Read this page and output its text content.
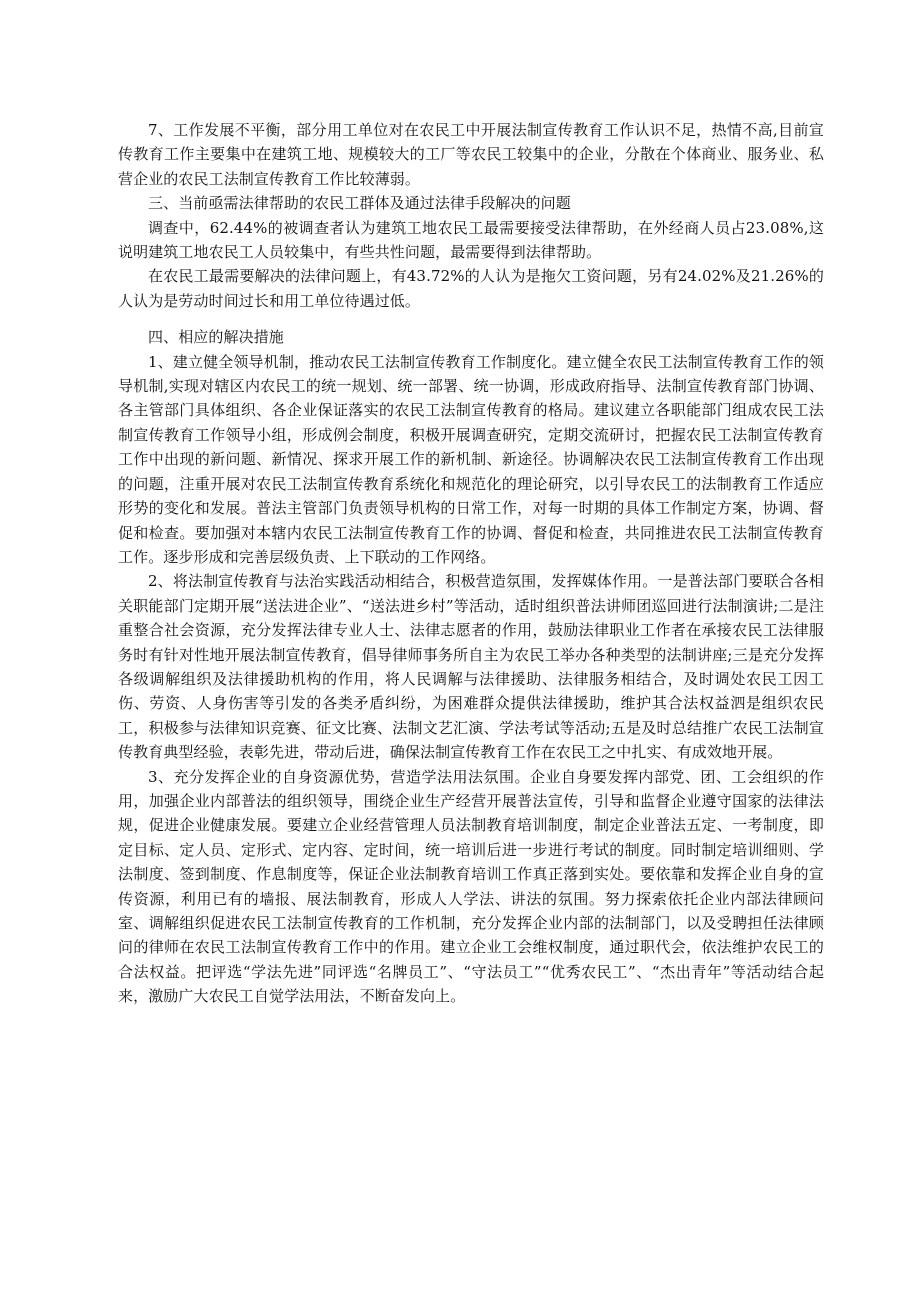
7、工作发展不平衡，部分用工单位对在农民工中开展法制宣传教育工作认识不足，热情不高,目前宣传教育工作主要集中在建筑工地、规模较大的工厂等农民工较集中的企业，分散在个体商业、服务业、私营企业的农民工法制宣传教育工作比较薄弱。

三、当前亟需法律帮助的农民工群体及通过法律手段解决的问题

调查中，62.44%的被调查者认为建筑工地农民工最需要接受法律帮助，在外经商人员占23.08%,这说明建筑工地农民工人员较集中，有些共性问题，最需要得到法律帮助。

在农民工最需要解决的法律问题上，有43.72%的人认为是拖欠工资问题，另有24.02%及21.26%的人认为是劳动时间过长和用工单位待遇过低。

四、相应的解决措施

1、建立健全领导机制，推动农民工法制宣传教育工作制度化。建立健全农民工法制宣传教育工作的领导机制,实现对辖区内农民工的统一规划、统一部署、统一协调，形成政府指导、法制宣传教育部门协调、各主管部门具体组织、各企业保证落实的农民工法制宣传教育的格局。建议建立各职能部门组成农民工法制宣传教育工作领导小组，形成例会制度，积极开展调查研究，定期交流研讨，把握农民工法制宣传教育工作中出现的新问题、新情况、探求开展工作的新机制、新途径。协调解决农民工法制宣传教育工作出现的问题，注重开展对农民工法制宣传教育系统化和规范化的理论研究，以引导农民工的法制教育工作适应形势的变化和发展。普法主管部门负责领导机构的日常工作，对每一时期的具体工作制定方案，协调、督促和检查。要加强对本辖内农民工法制宣传教育工作的协调、督促和检查，共同推进农民工法制宣传教育工作。逐步形成和完善层级负责、上下联动的工作网络。

2、将法制宣传教育与法治实践活动相结合，积极营造氛围，发挥媒体作用。一是普法部门要联合各相关职能部门定期开展“送法进企业”、“送法进乡村”等活动，适时组织普法讲师团巡回进行法制演讲;二是注重整合社会资源，充分发挥法律专业人士、法律志愿者的作用，鼓励法律职业工作者在承接农民工法律服务时有针对性地开展法制宣传教育，倡导律师事务所自主为农民工举办各种类型的法制讲座;三是充分发挥各级调解组织及法律援助机构的作用，将人民调解与法律援助、法律服务相结合，及时调处农民工因工伤、劳资、人身伤害等引发的各类矛盾纠纷，为困难群众提供法律援助，维护其合法权益泗是组织农民工，积极参与法律知识竞赛、征文比赛、法制文艺汇演、学法考试等活动;五是及时总结推广农民工法制宣传教育典型经验，表彰先进，带动后进，确保法制宣传教育工作在农民工之中扎实、有成效地开展。

3、充分发挥企业的自身资源优势，营造学法用法氛围。企业自身要发挥内部党、团、工会组织的作用，加强企业内部普法的组织领导，围绕企业生产经营开展普法宣传，引导和监督企业遵守国家的法律法规，促进企业健康发展。要建立企业经营管理人员法制教育培训制度，制定企业普法五定、一考制度，即定目标、定人员、定形式、定内容、定时间，统一培训后进一步进行考试的制度。同时制定培训细则、学法制度、签到制度、作息制度等，保证企业法制教育培训工作真正落到实处。要依靠和发挥企业自身的宣传资源，利用已有的墙报、展法制教育，形成人人学法、讲法的氛围。努力探索依托企业内部法律顾问室、调解组织促进农民工法制宣传教育的工作机制，充分发挥企业内部的法制部门，以及受聘担任法律顾问的律师在农民工法制宣传教育工作中的作用。建立企业工会维权制度，通过职代会，依法维护农民工的合法权益。把评选“学法先进”同评选“名牌员工”、“守法员工”“优秀农民工”、“杰出青年”等活动结合起来，激励广大农民工自觉学法用法，不断奋发向上。
